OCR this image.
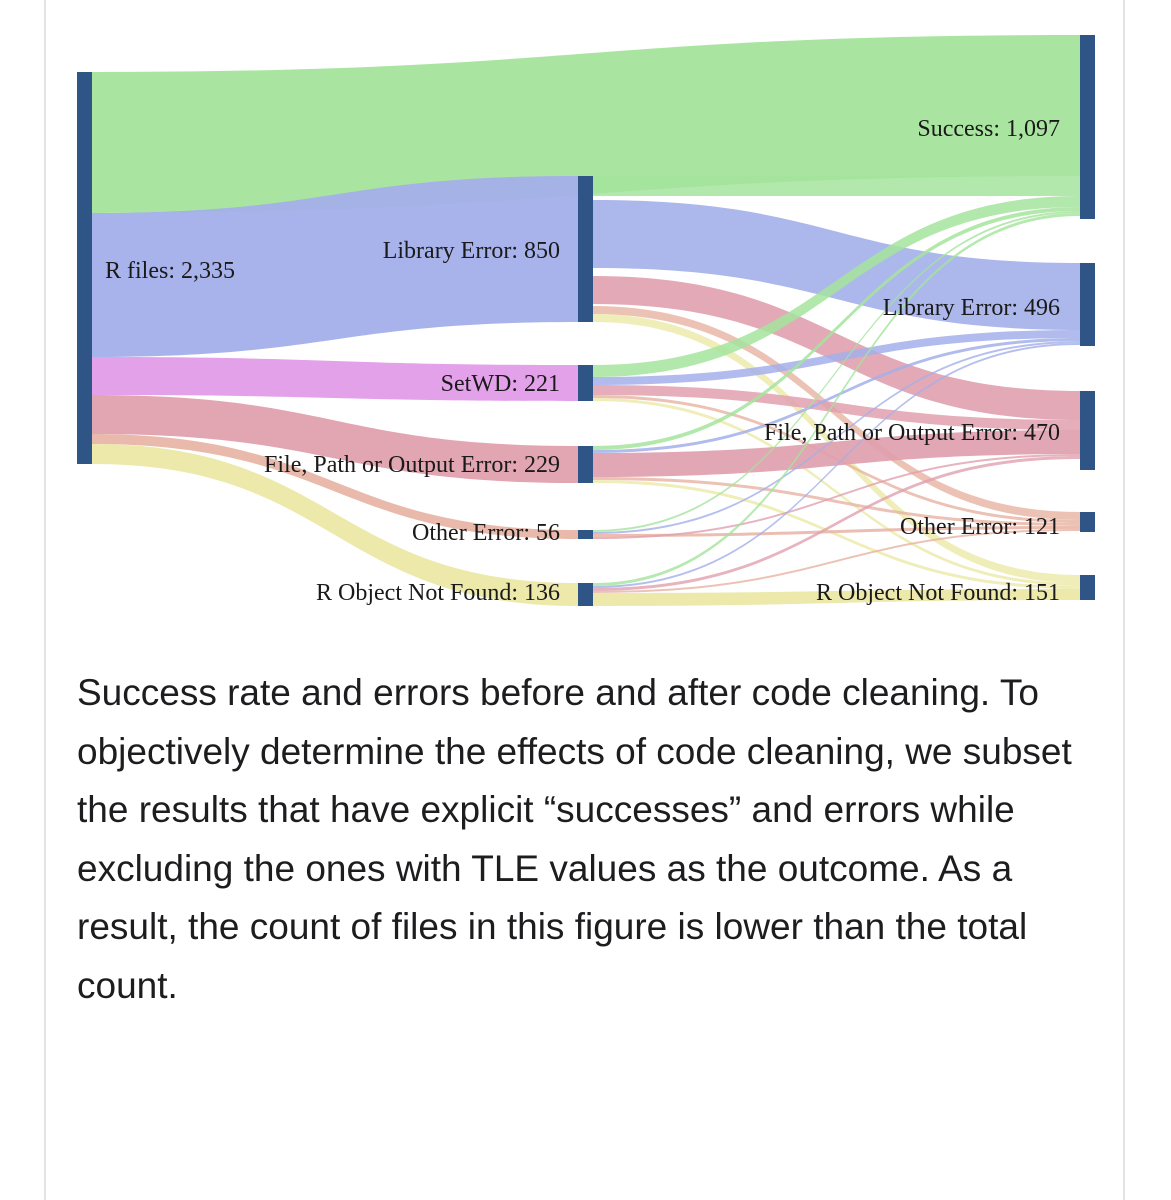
R files: 2,335
Library Error: 850
SetWD: 221
File, Path or Output Error: 229
Other Error: 56
R Object Not Found: 136
Success: 1,097
Library Error: 496
File, Path or Output Error: 470
Other Error: 121
R Object Not Found: 151

Success rate and errors before and after code cleaning. To objectively determine the effects of code cleaning, we subset the results that have explicit “successes” and errors while excluding the ones with TLE values as the outcome. As a result, the count of files in this figure is lower than the total count.
